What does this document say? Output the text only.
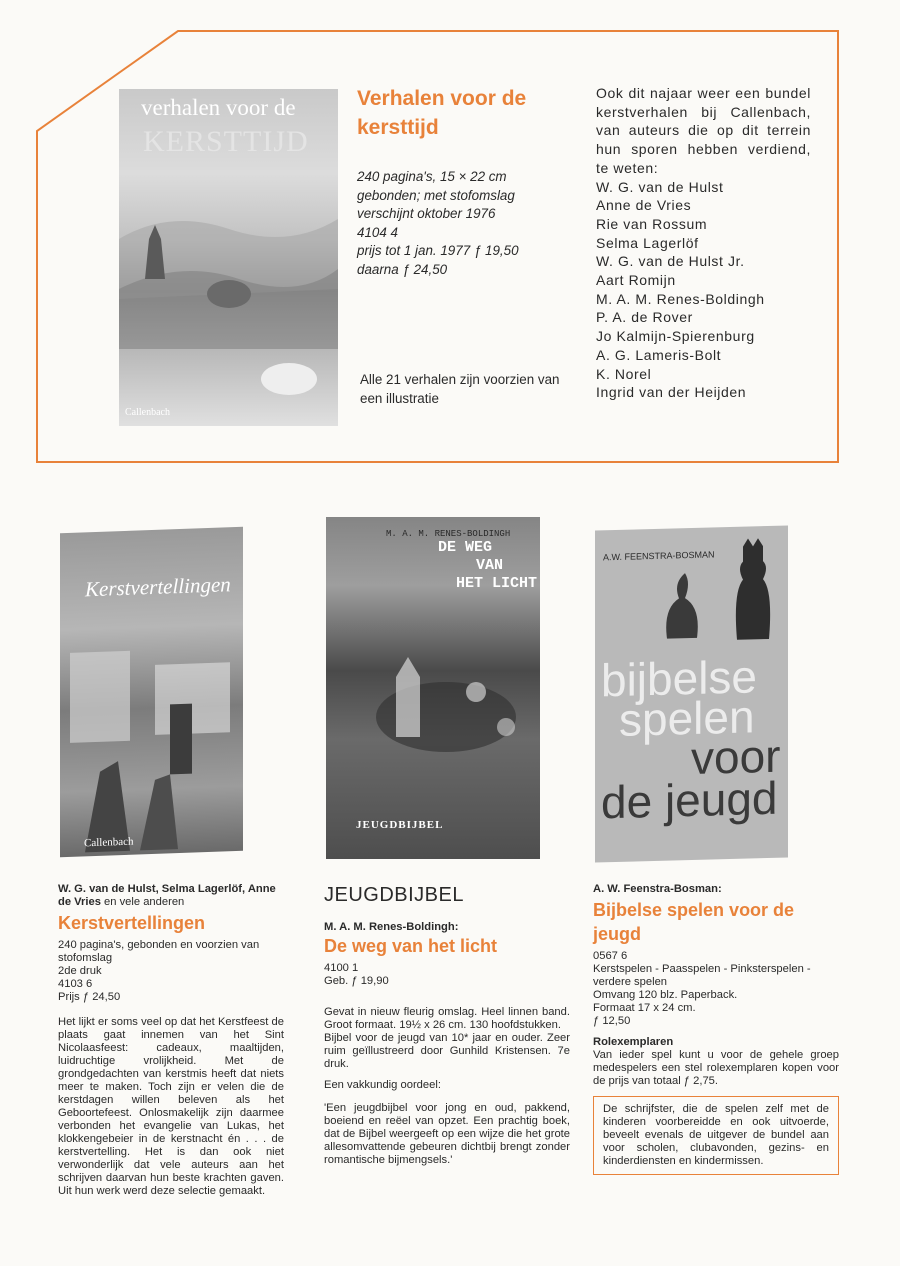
verhalen voor de
KERSTTIJD
Callenbach
Verhalen voor de kersttijd
240 pagina's, 15 × 22 cm
gebonden; met stofomslag
verschijnt oktober 1976
4104 4
prijs tot 1 jan. 1977 ƒ 19,50
daarna ƒ 24,50
Alle 21 verhalen zijn voorzien van een illustratie
Ook dit najaar weer een bundel kerstverhalen bij Callenbach, van auteurs die op dit terrein hun sporen hebben verdiend, te weten:
W. G. van de Hulst
Anne de Vries
Rie van Rossum
Selma Lagerlöf
W. G. van de Hulst Jr.
Aart Romijn
M. A. M. Renes-Boldingh
P. A. de Rover
Jo Kalmijn-Spierenburg
A. G. Lameris-Bolt
K. Norel
Ingrid van der Heijden
Kerstvertellingen
Callenbach
M. A. M. RENES-BOLDINGH
DE WEG
VAN
HET LICHT
JEUGDBIJBEL
A.W. FEENSTRA-BOSMAN
bijbelse
spelen
voor
de jeugd
W. G. van de Hulst, Selma Lagerlöf, Anne de Vries en vele anderen
Kerstvertellingen
240 pagina's, gebonden en voorzien van stofomslag
2de druk
4103 6
Prijs ƒ 24,50
Het lijkt er soms veel op dat het Kerstfeest de plaats gaat innemen van het Sint Nicolaasfeest: cadeaux, maaltijden, luidruchtige vrolijkheid. Met de grondgedachten van kerstmis heeft dat niets meer te maken. Toch zijn er velen die de kerstdagen willen beleven als het Geboortefeest. Onlosmakelijk zijn daarmee verbonden het evangelie van Lukas, het klokkengebeier in de kerstnacht én . . . de kerstvertelling. Het is dan ook niet verwonderlijk dat vele auteurs aan het schrijven daarvan hun beste krachten gaven. Uit hun werk werd deze selectie gemaakt.
JEUGDBIJBEL
M. A. M. Renes-Boldingh:
De weg van het licht
4100 1
Geb. ƒ 19,90
Gevat in nieuw fleurig omslag. Heel linnen band. Groot formaat. 19½ x 26 cm. 130 hoofdstukken.
Bijbel voor de jeugd van 10* jaar en ouder. Zeer ruim geïllustreerd door Gunhild Kristensen. 7e druk.
Een vakkundig oordeel:
'Een jeugdbijbel voor jong en oud, pakkend, boeiend en reëel van opzet. Een prachtig boek, dat de Bijbel weergeeft op een wijze die het grote allesomvattende gebeuren dichtbij brengt zonder romantische bijmengsels.'
A. W. Feenstra-Bosman:
Bijbelse spelen voor de jeugd
0567 6
Kerstspelen - Paasspelen - Pinksterspelen - verdere spelen
Omvang 120 blz. Paperback.
Formaat 17 x 24 cm.
ƒ 12,50
Rolexemplaren
Van ieder spel kunt u voor de gehele groep medespelers een stel rolexemplaren kopen voor de prijs van totaal ƒ 2,75.
De schrijfster, die de spelen zelf met de kinderen voorbereidde en ook uitvoerde, beveelt evenals de uitgever de bundel aan voor scholen, clubavonden, gezins- en kinderdiensten en kindermissen.
